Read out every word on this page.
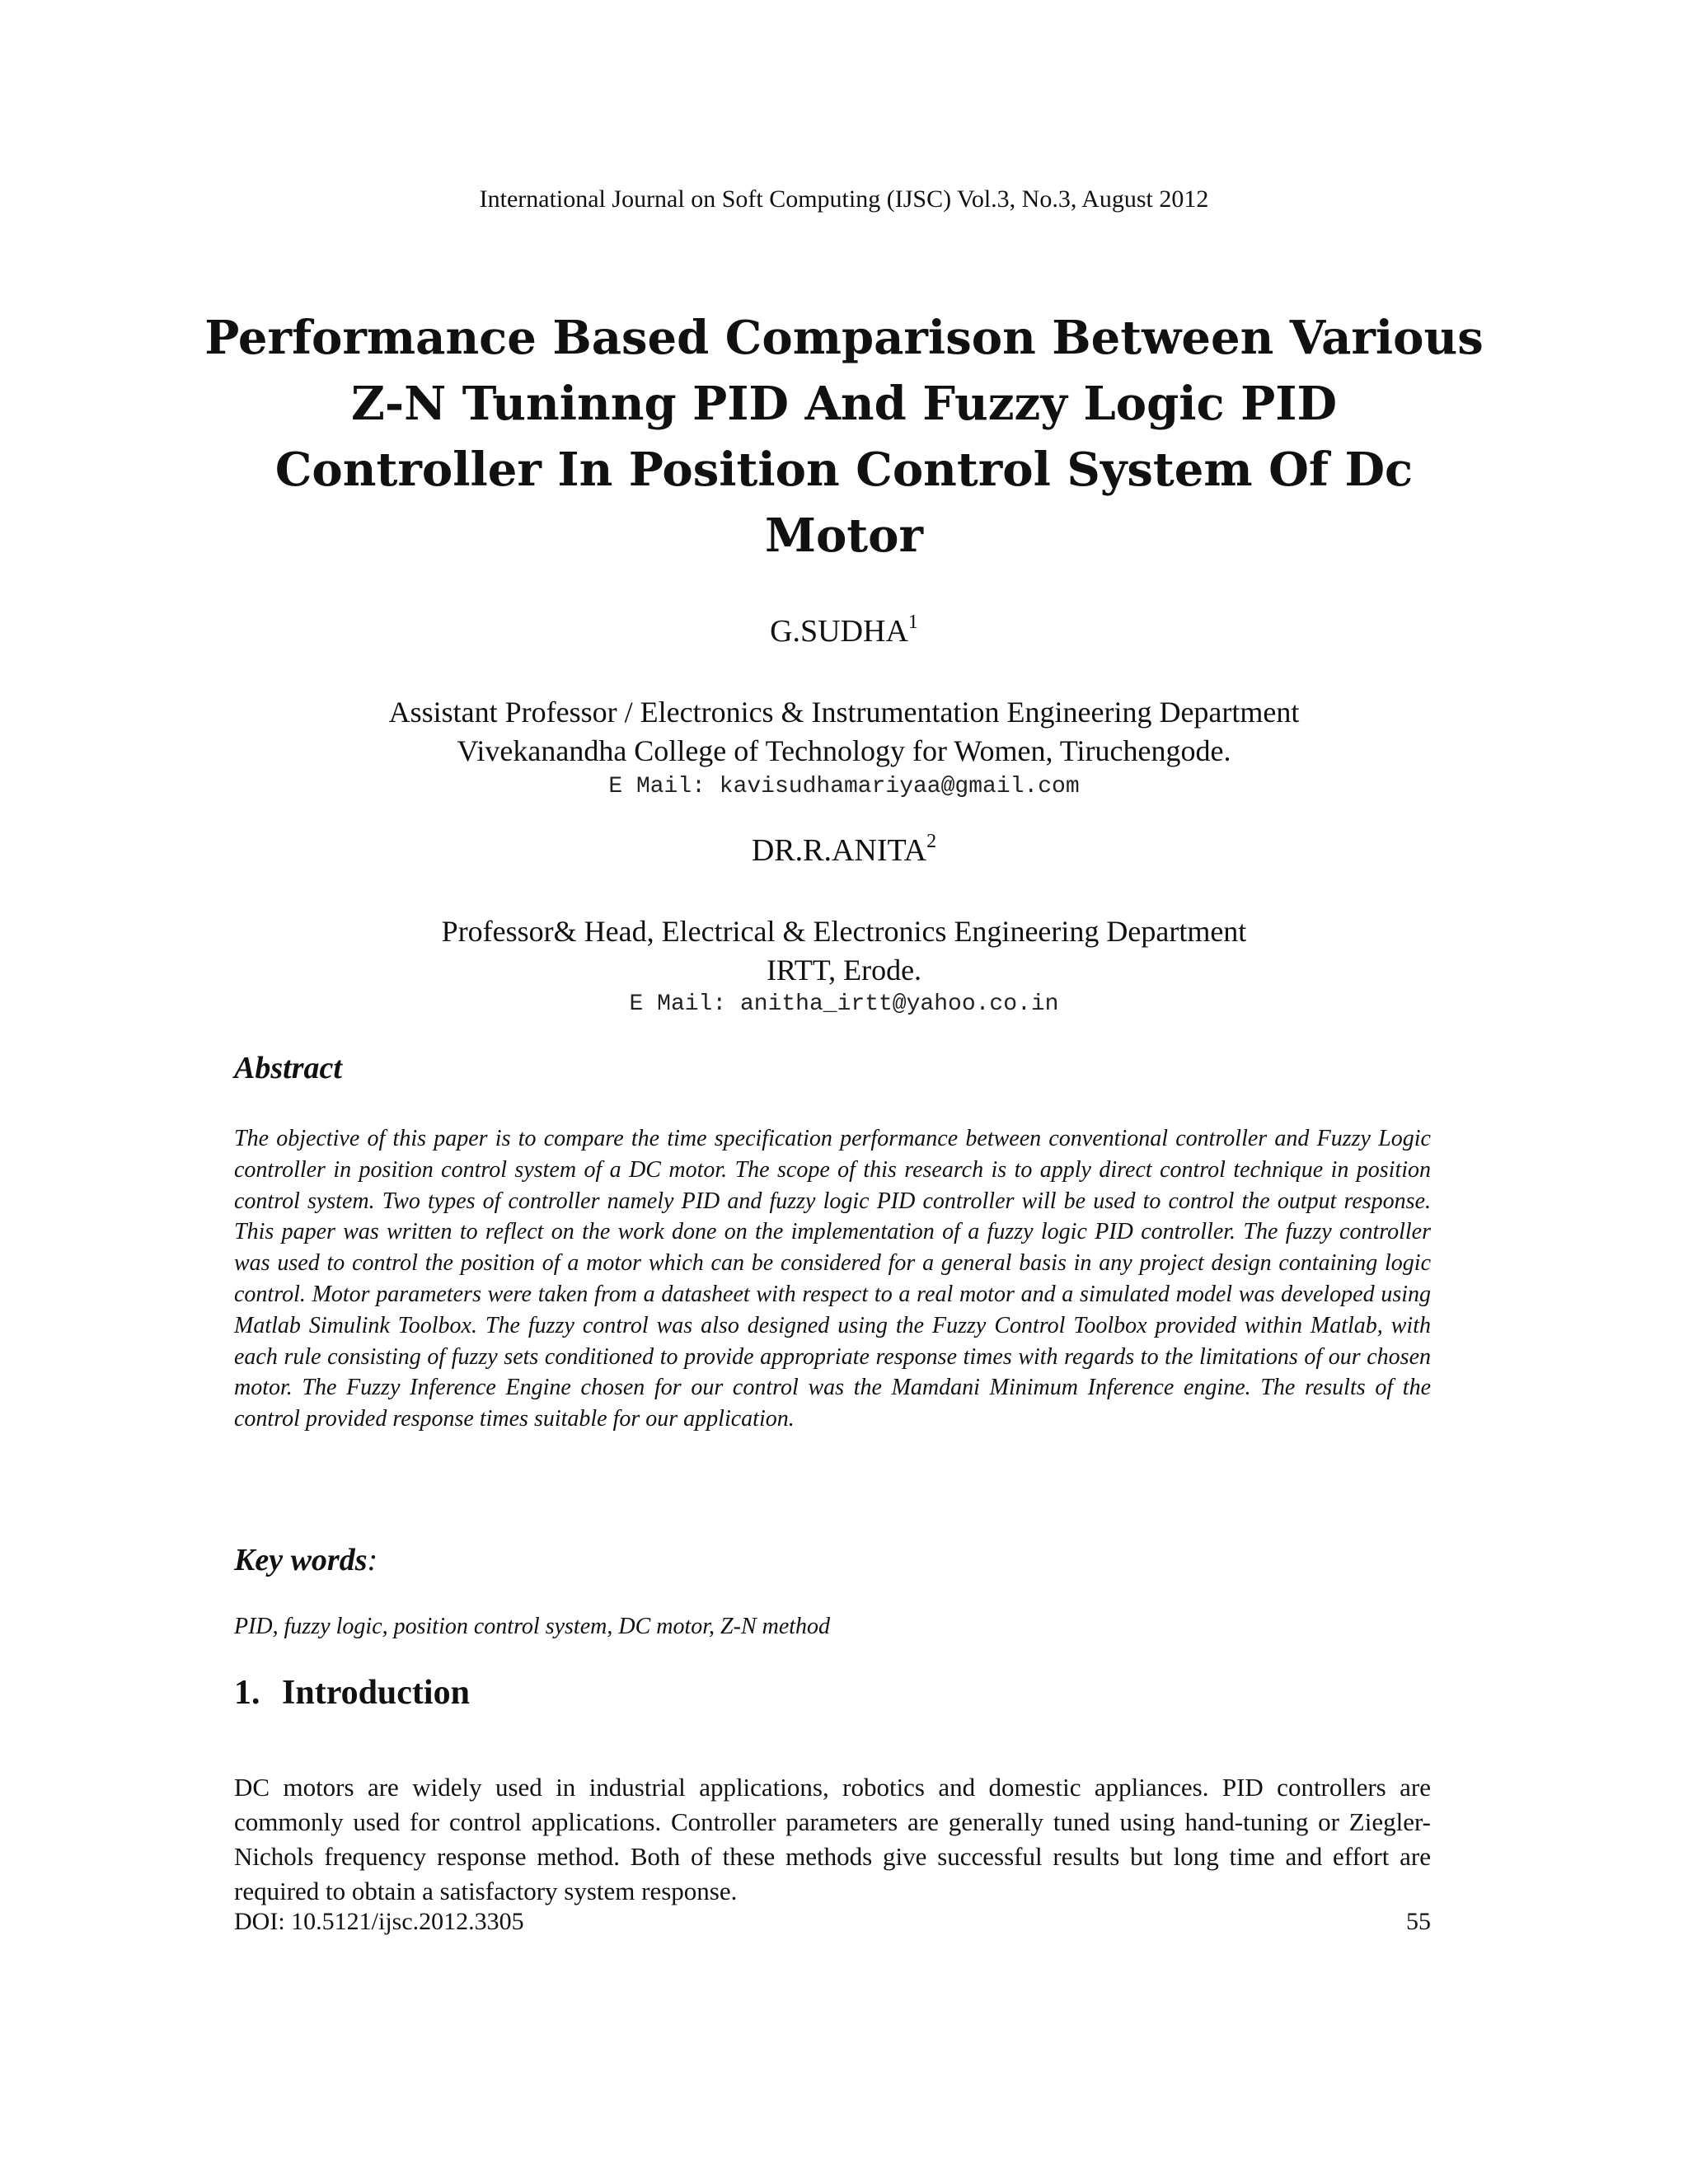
International Journal on Soft Computing (IJSC) Vol.3, No.3, August 2012
Performance Based Comparison Between Various
Z-N Tuninng PID And Fuzzy Logic PID
Controller In Position Control System Of Dc
Motor
G.SUDHA$^1$
Assistant Professor / Electronics & Instrumentation Engineering Department
Vivekanandha College of Technology for Women, Tiruchengode.
E Mail: kavisudhamariyaa@gmail.com
DR.R.ANITA$^2$
Professor& Head, Electrical & Electronics Engineering Department
IRTT, Erode.
E Mail: anitha_irtt@yahoo.co.in
Abstract

The objective of this paper is to compare the time specification performance between conventional controller and Fuzzy Logic controller in position control system of a DC motor. The scope of this research is to apply direct control technique in position control system. Two types of controller namely PID and fuzzy logic PID controller will be used to control the output response. This paper was written to reflect on the work done on the implementation of a fuzzy logic PID controller. The fuzzy controller was used to control the position of a motor which can be considered for a general basis in any project design containing logic control. Motor parameters were taken from a datasheet with respect to a real motor and a simulated model was developed using Matlab Simulink Toolbox. The fuzzy control was also designed using the Fuzzy Control Toolbox provided within Matlab, with each rule consisting of fuzzy sets conditioned to provide appropriate response times with regards to the limitations of our chosen motor. The Fuzzy Inference Engine chosen for our control was the Mamdani Minimum Inference engine. The results of the control provided response times suitable for our application.

Key words:

PID, fuzzy logic, position control system, DC motor, Z-N method

1. Introduction

DC motors are widely used in industrial applications, robotics and domestic appliances. PID controllers are commonly used for control applications. Controller parameters are generally tuned using hand-tuning or Ziegler-Nichols frequency response method. Both of these methods give successful results but long time and effort are required to obtain a satisfactory system response.

DOI: 10.5121/ijsc.2012.3305	55
